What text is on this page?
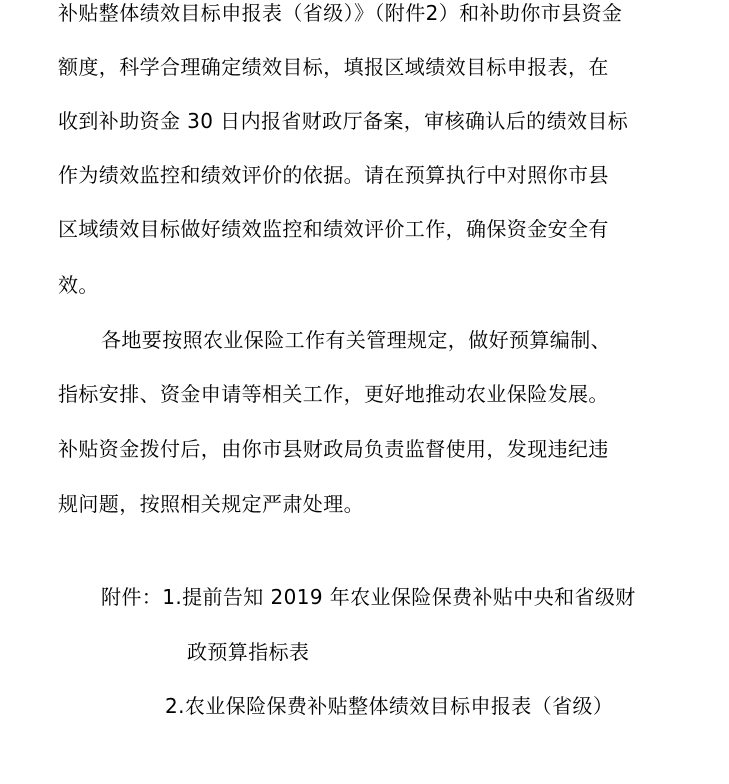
补贴整体绩效目标申报表（省级）》（附件2）和补助你市县资金
额度，科学合理确定绩效目标，填报区域绩效目标申报表，在
收到补助资金 30 日内报省财政厅备案，审核确认后的绩效目标
作为绩效监控和绩效评价的依据。请在预算执行中对照你市县
区域绩效目标做好绩效监控和绩效评价工作，确保资金安全有
效。
各地要按照农业保险工作有关管理规定，做好预算编制、
指标安排、资金申请等相关工作，更好地推动农业保险发展。
补贴资金拨付后，由你市县财政局负责监督使用，发现违纪违
规问题，按照相关规定严肃处理。
附件：1.提前告知 2019 年农业保险保费补贴中央和省级财
政预算指标表
2.农业保险保费补贴整体绩效目标申报表（省级）
